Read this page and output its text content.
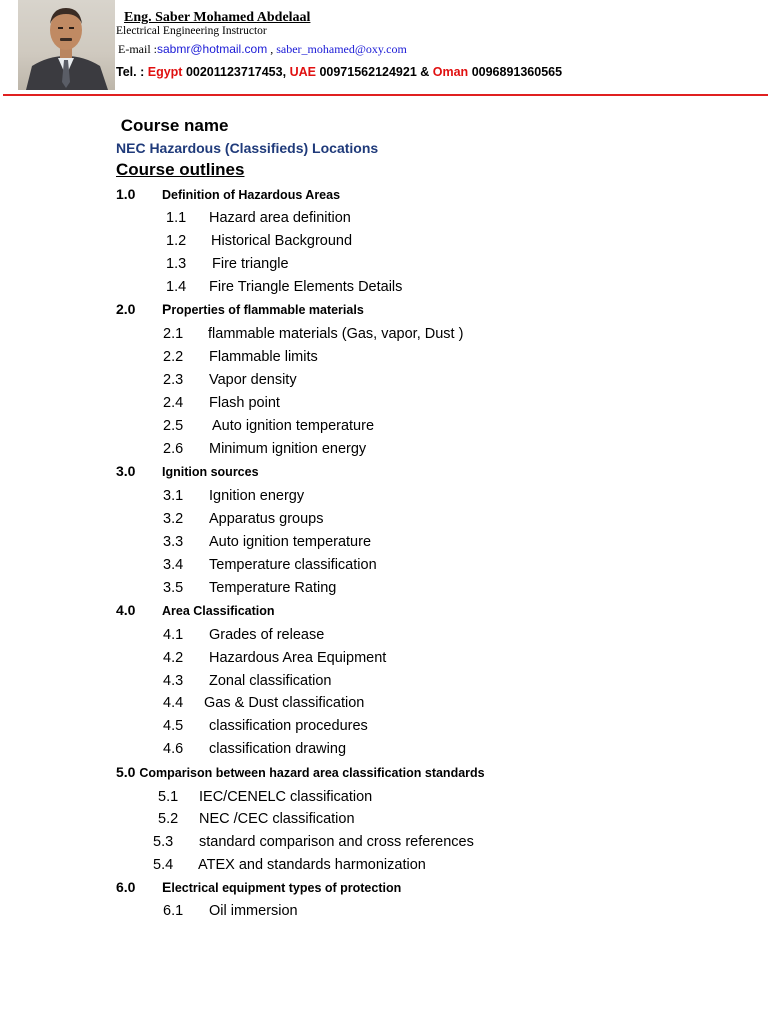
Eng. Saber Mohamed Abdelaal
Electrical Engineering Instructor
E-mail :sabmr@hotmail.com , saber_mohamed@oxy.com
Tel. : Egypt 00201123717453, UAE 00971562124921 & Oman 0096891360565
Course name
NEC Hazardous (Classifieds) Locations
Course outlines
1.0 Definition of Hazardous Areas
1.1 Hazard area definition
1.2 Historical Background
1.3 Fire triangle
1.4 Fire Triangle Elements Details
2.0 Properties of flammable materials
2.1 flammable materials (Gas, vapor, Dust )
2.2 Flammable limits
2.3 Vapor density
2.4 Flash point
2.5 Auto ignition temperature
2.6 Minimum ignition energy
3.0 Ignition sources
3.1 Ignition energy
3.2 Apparatus groups
3.3 Auto ignition temperature
3.4 Temperature classification
3.5 Temperature Rating
4.0 Area Classification
4.1 Grades of release
4.2 Hazardous Area Equipment
4.3 Zonal classification
4.4 Gas & Dust classification
4.5 classification procedures
4.6 classification drawing
5.0 Comparison between hazard area classification standards
5.1 IEC/CENELC classification
5.2 NEC /CEC classification
5.3 standard comparison and cross references
5.4 ATEX and standards harmonization
6.0 Electrical equipment types of protection
6.1 Oil immersion
